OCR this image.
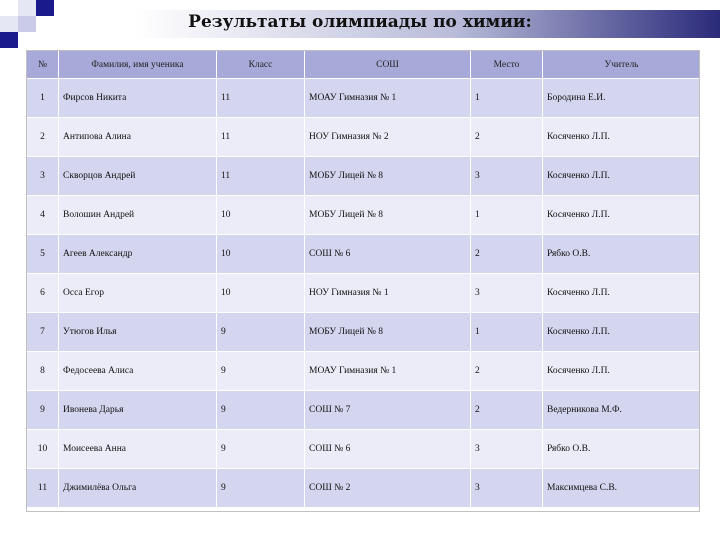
Результаты олимпиады по химии:
№	Фамилия, имя ученика	Класс	СОШ	Место	Учитель
1	Фирсов Никита	11	МОАУ Гимназия № 1	1	Бородина Е.И.
2	Антипова Алина	11	НОУ Гимназия № 2	2	Косяченко Л.П.
3	Скворцов Андрей	11	МОБУ Лицей № 8	3	Косяченко Л.П.
4	Волошин Андрей	10	МОБУ Лицей № 8	1	Косяченко Л.П.
5	Агеев Александр	10	СОШ № 6	2	Рябко О.В.
6	Осса Егор	10	НОУ Гимназия № 1	3	Косяченко Л.П.
7	Утюгов Илья	9	МОБУ Лицей № 8	1	Косяченко Л.П.
8	Федосеева Алиса	9	МОАУ Гимназия № 1	2	Косяченко Л.П.
9	Ивонева Дарья	9	СОШ № 7	2	Ведерникова М.Ф.
10	Моисеева Анна	9	СОШ № 6	3	Рябко О.В.
11	Джимилёва Ольга	9	СОШ № 2	3	Максимцева С.В.
